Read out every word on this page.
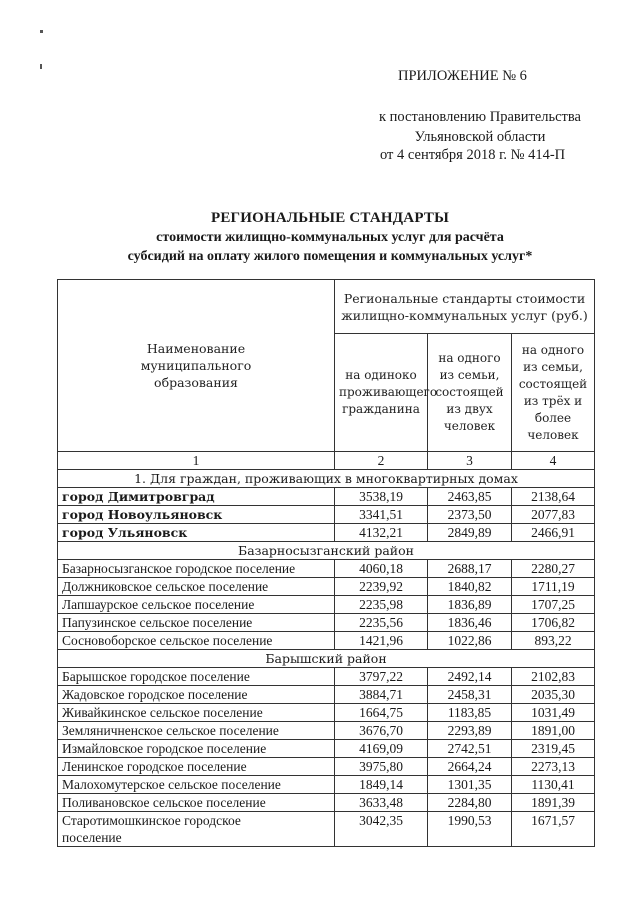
ПРИЛОЖЕНИЕ № 6
к постановлению Правительства
Ульяновской области
от 4 сентября 2018 г. № 414-П
РЕГИОНАЛЬНЫЕ СТАНДАРТЫ
стоимости жилищно-коммунальных услуг для расчёта
субсидий на оплату жилого помещения и коммунальных услуг*
Наименование муниципального образования	Региональные стандарты стоимости жилищно-коммунальных услуг (руб.)		
	на одиноко проживающего гражданина	на одного из семьи, состоящей из двух человек	на одного из семьи, состоящей из трёх и более человек
1	2	3	4
1. Для граждан, проживающих в многоквартирных домах			
город Димитровград	3538,19	2463,85	2138,64
город Новоульяновск	3341,51	2373,50	2077,83
город Ульяновск	4132,21	2849,89	2466,91
Базарносызганский район			
Базарносызганское городское поселение	4060,18	2688,17	2280,27
Должниковское сельское поселение	2239,92	1840,82	1711,19
Лапшаурское сельское поселение	2235,98	1836,89	1707,25
Папузинское сельское поселение	2235,56	1836,46	1706,82
Сосновоборское сельское поселение	1421,96	1022,86	893,22
Барышский район			
Барышское городское поселение	3797,22	2492,14	2102,83
Жадовское городское поселение	3884,71	2458,31	2035,30
Живайкинское сельское поселение	1664,75	1183,85	1031,49
Земляничненское сельское поселение	3676,70	2293,89	1891,00
Измайловское городское поселение	4169,09	2742,51	2319,45
Ленинское городское поселение	3975,80	2664,24	2273,13
Малохомутерское сельское поселение	1849,14	1301,35	1130,41
Поливановское сельское поселение	3633,48	2284,80	1891,39
Старотимошкинское городское поселение	3042,35	1990,53	1671,57
